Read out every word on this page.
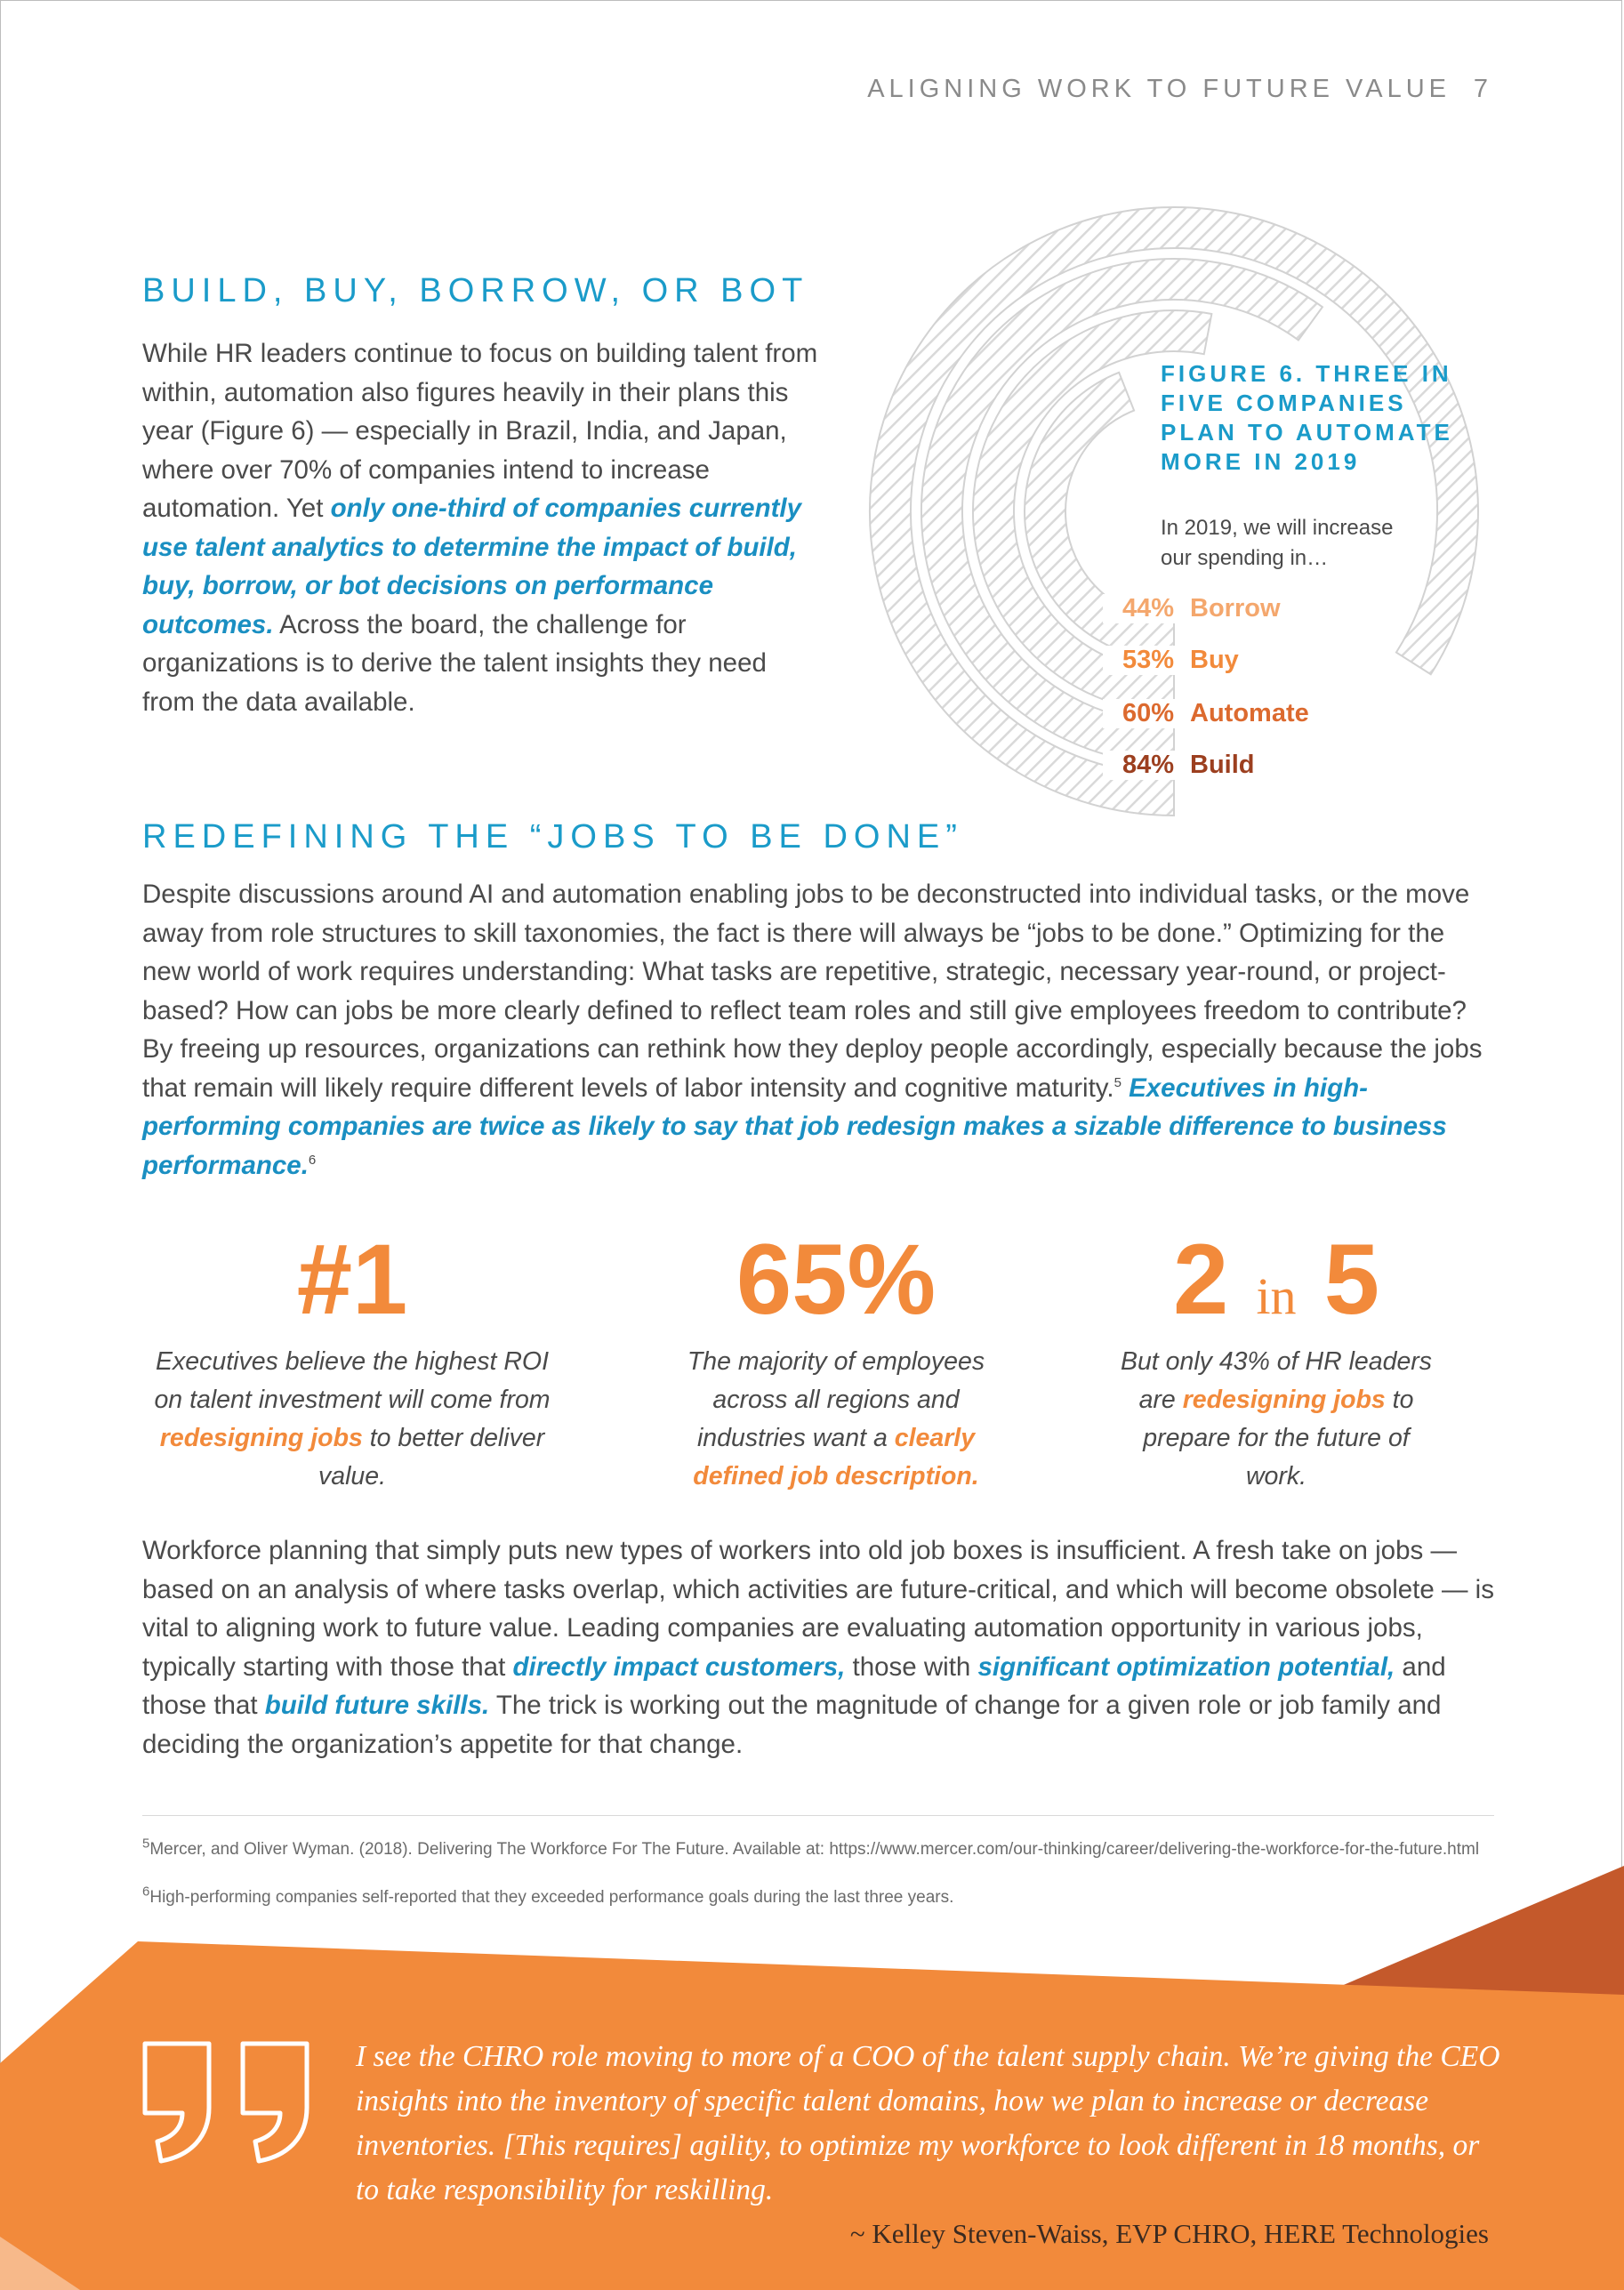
ALIGNING WORK TO FUTURE VALUE 7
BUILD, BUY, BORROW, OR BOT

While HR leaders continue to focus on building talent from within, automation also figures heavily in their plans this year (Figure 6) — especially in Brazil, India, and Japan, where over 70% of companies intend to increase automation. Yet only one-third of companies currently use talent analytics to determine the impact of build, buy, borrow, or bot decisions on performance outcomes. Across the board, the challenge for organizations is to derive the talent insights they need from the data available.

FIGURE 6. THREE IN FIVE COMPANIES PLAN TO AUTOMATE MORE IN 2019

In 2019, we will increase our spending in…

44% Borrow
53% Buy
60% Automate
84% Build
REDEFINING THE “JOBS TO BE DONE”

Despite discussions around AI and automation enabling jobs to be deconstructed into individual tasks, or the move away from role structures to skill taxonomies, the fact is there will always be “jobs to be done.” Optimizing for the new world of work requires understanding: What tasks are repetitive, strategic, necessary year-round, or project-based? How can jobs be more clearly defined to reflect team roles and still give employees freedom to contribute? By freeing up resources, organizations can rethink how they deploy people accordingly, especially because the jobs that remain will likely require different levels of labor intensity and cognitive maturity.$^5$ Executives in high-performing companies are twice as likely to say that job redesign makes a sizable difference to business performance.$^6$

#1
Executives believe the highest ROI on talent investment will come from redesigning jobs to better deliver value.
65%
The majority of employees across all regions and industries want a clearly defined job description.
2 in 5
But only 43% of HR leaders are redesigning jobs to prepare for the future of work.

Workforce planning that simply puts new types of workers into old job boxes is insufficient. A fresh take on jobs — based on an analysis of where tasks overlap, which activities are future-critical, and which will become obsolete — is vital to aligning work to future value. Leading companies are evaluating automation opportunity in various jobs, typically starting with those that directly impact customers, those with significant optimization potential, and those that build future skills. The trick is working out the magnitude of change for a given role or job family and deciding the organization’s appetite for that change.

$^5$Mercer, and Oliver Wyman. (2018). Delivering The Workforce For The Future. Available at: https://www.mercer.com/our-thinking/career/delivering-the-workforce-for-the-future.html

$^6$High-performing companies self-reported that they exceeded performance goals during the last three years.

I see the CHRO role moving to more of a COO of the talent supply chain. We’re giving the CEO insights into the inventory of specific talent domains, how we plan to increase or decrease inventories. [This requires] agility, to optimize my workforce to look different in 18 months, or to take responsibility for reskilling.

~ Kelley Steven-Waiss, EVP CHRO, HERE Technologies
